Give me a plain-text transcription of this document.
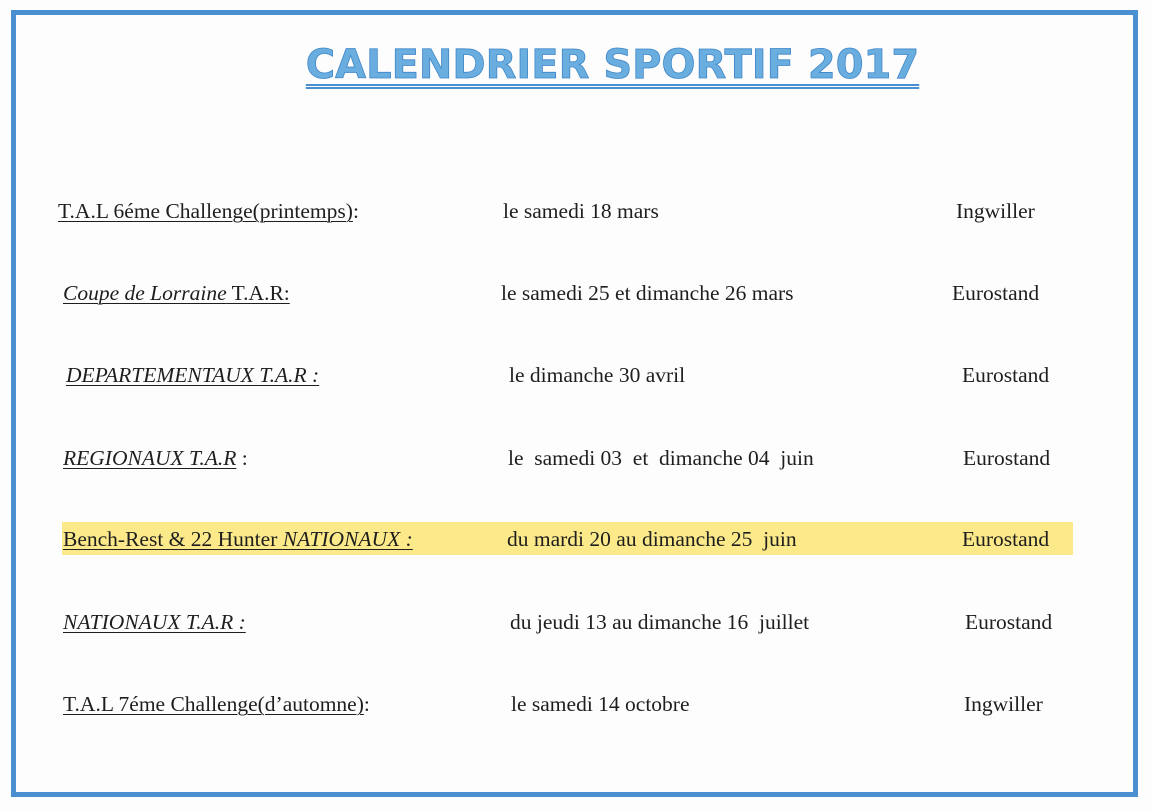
CALENDRIER SPORTIF 2017
T.A.L 6éme Challenge(printemps):	le samedi 18 mars	Ingwiller
Coupe de Lorraine T.A.R:	le samedi 25 et dimanche 26 mars	Eurostand
DEPARTEMENTAUX T.A.R :	le dimanche 30 avril	Eurostand
REGIONAUX T.A.R :	le  samedi 03  et  dimanche 04  juin	Eurostand
Bench-Rest & 22 Hunter NATIONAUX :	du mardi 20 au dimanche 25  juin	Eurostand
NATIONAUX T.A.R :	du jeudi 13 au dimanche 16  juillet	Eurostand
T.A.L 7éme Challenge(d’automne):	le samedi 14 octobre	Ingwiller
